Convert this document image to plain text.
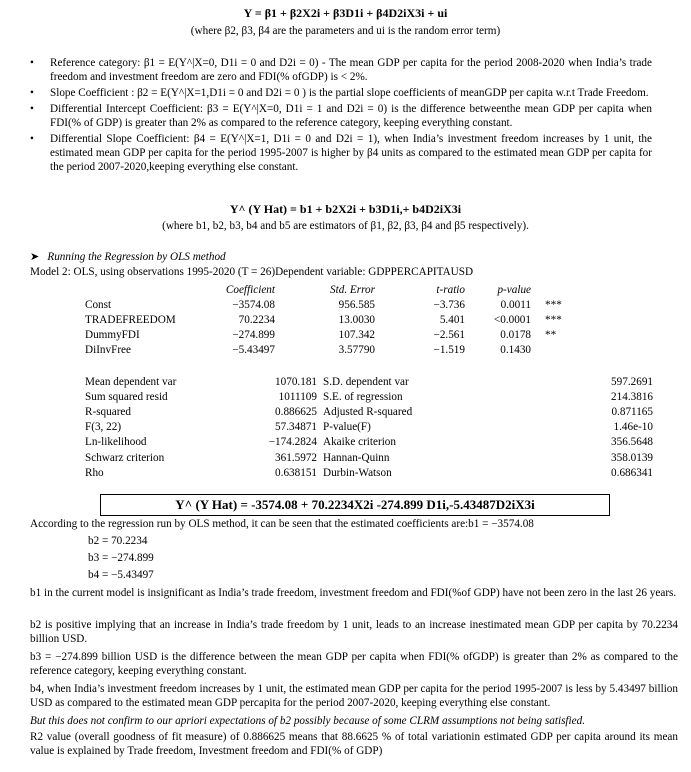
Y = β1 + β2X2i + β3D1i + β4D2iX3i + ui
(where β2, β3, β4 are the parameters and ui is the random error term)
• Reference category: β1 = E(Y^|X=0, D1i = 0 and D2i = 0) - The mean GDP per capita for the period 2008-2020 when India’s trade freedom and investment freedom are zero and FDI(% ofGDP) is < 2%.
• Slope Coefficient : β2 = E(Y^|X=1,D1i = 0 and D2i = 0 ) is the partial slope coefficients of meanGDP per capita w.r.t Trade Freedom.
• Differential Intercept Coefficient: β3 = E(Y^|X=0, D1i = 1 and D2i = 0) is the difference betweenthe mean GDP per capita when FDI(% of GDP) is greater than 2% as compared to the reference category, keeping everything constant.
• Differential Slope Coefficient: β4 = E(Y^|X=1, D1i = 0 and D2i = 1), when India’s investment freedom increases by 1 unit, the estimated mean GDP per capita for the period 1995-2007 is higher by β4 units as compared to the estimated mean GDP per capita for the period 2007-2020,keeping everything else constant.
Y^ (Y Hat) = b1 + b2X2i + b3D1i,+ b4D2iX3i
(where b1, b2, b3, b4 and b5 are estimators of β1, β2, β3, β4 and β5 respectively).
➤ Running the Regression by OLS method
Model 2: OLS, using observations 1995-2020 (T = 26)Dependent variable: GDPPERCAPITAUSD
	Coefficient	Std. Error	t-ratio	p-value	
Const	−3574.08	956.585	−3.736	0.0011	***
TRADEFREEDOM	70.2234	13.0030	5.401	<0.0001	***
DummyFDI	−274.899	107.342	−2.561	0.0178	**
DiInvFree	−5.43497	3.57790	−1.519	0.1430	
Mean dependent var	1070.181	S.D. dependent var	597.2691
Sum squared resid	1011109	S.E. of regression	214.3816
R-squared	0.886625	Adjusted R-squared	0.871165
F(3, 22)	57.34871	P-value(F)	1.46e-10
Ln-likelihood	−174.2824	Akaike criterion	356.5648
Schwarz criterion	361.5972	Hannan-Quinn	358.0139
Rho	0.638151	Durbin-Watson	0.686341
Y^ (Y Hat) = -3574.08 + 70.2234X2i -274.899 D1i,-5.43487D2iX3i
According to the regression run by OLS method, it can be seen that the estimated coefficients are:b1 = −3574.08
b2 = 70.2234
b3 = −274.899
b4 = −5.43497
b1 in the current model is insignificant as India’s trade freedom, investment freedom and FDI(%of GDP) have not been zero in the last 26 years.
b2 is positive implying that an increase in India’s trade freedom by 1 unit, leads to an increase inestimated mean GDP per capita by 70.2234 billion USD.
b3 = −274.899 billion USD is the difference between the mean GDP per capita when FDI(% ofGDP) is greater than 2% as compared to the reference category, keeping everything constant.
b4, when India’s investment freedom increases by 1 unit, the estimated mean GDP per capita for the period 1995-2007 is less by 5.43497 billion USD as compared to the estimated mean GDP percapita for the period 2007-2020, keeping everything else constant.
But this does not confirm to our apriori expectations of b2 possibly because of some CLRM assumptions not being satisfied.
R2 value (overall goodness of fit measure) of 0.886625 means that 88.6625 % of total variationin estimated GDP per capita around its mean value is explained by Trade freedom, Investment freedom and FDI(% of GDP)
